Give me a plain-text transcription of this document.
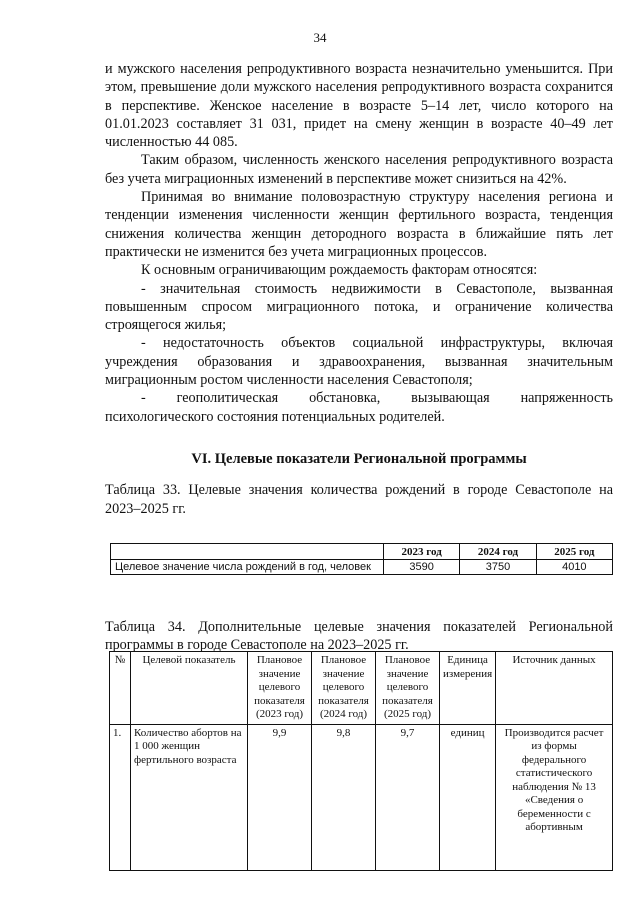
34

и мужского населения репродуктивного возраста незначительно уменьшится. При этом, превышение доли мужского населения репродуктивного возраста сохранится в перспективе. Женское население в возрасте 5–14 лет, число которого на 01.01.2023 составляет 31 031, придет на смену женщин в возрасте 40–49 лет численностью 44 085.

Таким образом, численность женского населения репродуктивного возраста без учета миграционных изменений в перспективе может снизиться на 42%.

Принимая во внимание половозрастную структуру населения региона и тенденции изменения численности женщин фертильного возраста, тенденция снижения количества женщин детородного возраста в ближайшие пять лет практически не изменится без учета миграционных процессов.

К основным ограничивающим рождаемость факторам относятся:

- значительная стоимость недвижимости в Севастополе, вызванная повышенным спросом миграционного потока, и ограничение количества строящегося жилья;

- недостаточность объектов социальной инфраструктуры, включая учреждения образования и здравоохранения, вызванная значительным миграционным ростом численности населения Севастополя;

- геополитическая обстановка, вызывающая напряженность психологического состояния потенциальных родителей.

VI. Целевые показатели Региональной программы

Таблица 33. Целевые значения количества рождений в городе Севастополе на 2023–2025 гг.

	2023 год	2024 год	2025 год
Целевое значение числа рождений в год, человек	3590	3750	4010

Таблица 34. Дополнительные целевые значения показателей Региональной программы в городе Севастополе на 2023–2025 гг.

№	Целевой показатель	Плановое значение целевого показателя (2023 год)	Плановое значение целевого показателя (2024 год)	Плановое значение целевого показателя (2025 год)	Единица измерения	Источник данных
1.	Количество абортов на 1 000 женщин фертильного возраста	9,9	9,8	9,7	единиц	Производится расчет из формы федерального статистического наблюдения № 13 «Сведения о беременности с абортивным
